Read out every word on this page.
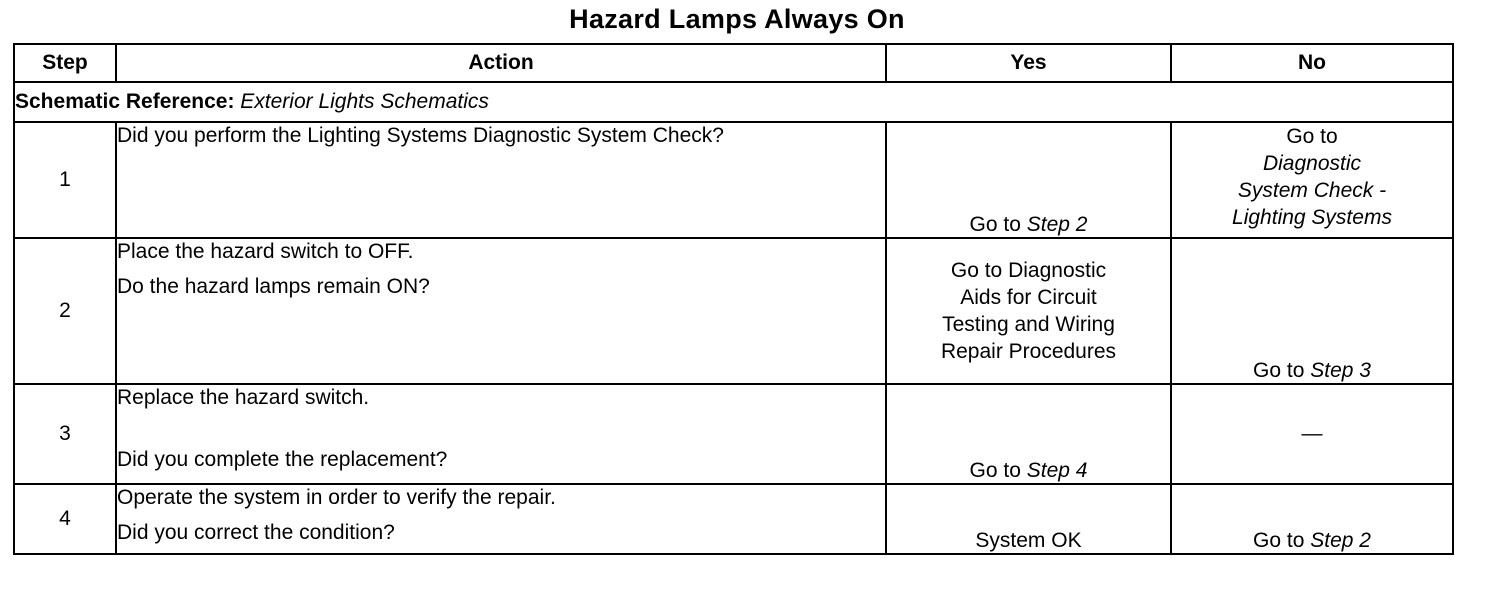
Hazard Lamps Always On
Step	Action	Yes	No
Schematic Reference: Exterior Lights Schematics			
1	Did you perform the Lighting Systems Diagnostic System Check?	Go to Step 2	Go to
Diagnostic
System Check -
Lighting Systems

2	Place the hazard switch to OFF.
Do the hazard lamps remain ON?	Go to Diagnostic
Aids for Circuit
Testing and Wiring
Repair Procedures	Go to Step 3
3	Replace the hazard switch.
Did you complete the replacement?	Go to Step 4	—
4	Operate the system in order to verify the repair.
Did you correct the condition?	System OK	Go to Step 2
